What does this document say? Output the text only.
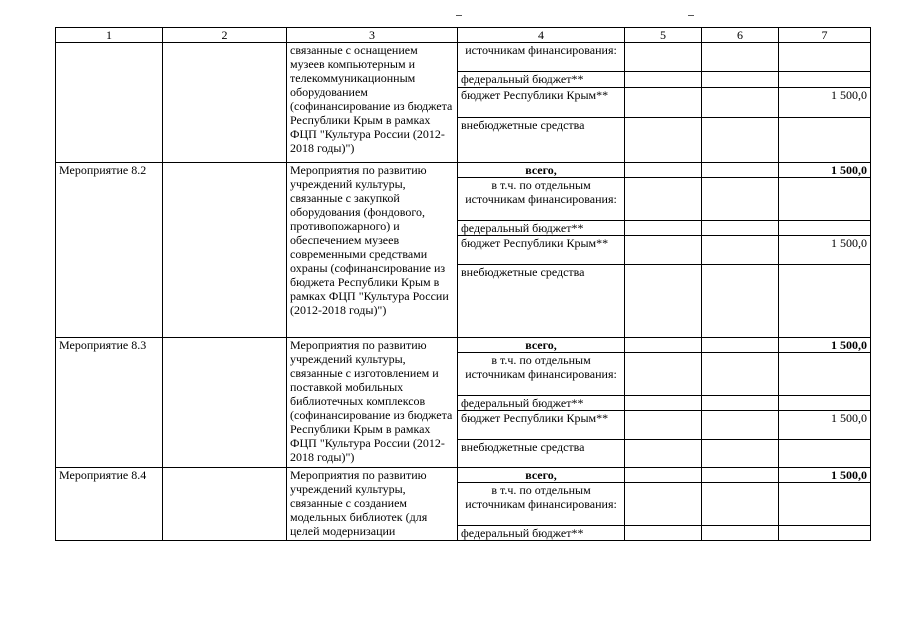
1	2	3	4	5	6	7
		связанные с оснащением музеев компьютерным и телекоммуникационным оборудованием (софинансирование из бюджета Республики Крым в рамках ФЦП "Культура России (2012-2018 годы)")	источникам финансирования:			
			федеральный бюджет**			
			бюджет Республики Крым**			1 500,0
			внебюджетные средства			
Мероприятие 8.2		Мероприятия по развитию учреждений культуры, связанные с закупкой оборудования (фондового, противопожарного) и обеспечением музеев современными средствами охраны (софинансирование из бюджета Республики Крым в рамках ФЦП "Культура России (2012-2018 годы)")	всего,			1 500,0
			в т.ч. по отдельным источникам финансирования:			
			федеральный бюджет**			
			бюджет Республики Крым**			1 500,0
			внебюджетные средства			
Мероприятие 8.3		Мероприятия по развитию учреждений культуры, связанные с изготовлением и поставкой мобильных библиотечных комплексов (софинансирование из бюджета Республики Крым в рамках ФЦП "Культура России (2012-2018 годы)")	всего,			1 500,0
			в т.ч. по отдельным источникам финансирования:			
			федеральный бюджет**			
			бюджет Республики Крым**			1 500,0
			внебюджетные средства			
Мероприятие 8.4		Мероприятия по развитию учреждений культуры, связанные с созданием модельных библиотек (для целей модернизации	всего,			1 500,0
			в т.ч. по отдельным источникам финансирования:			
			федеральный бюджет**			
